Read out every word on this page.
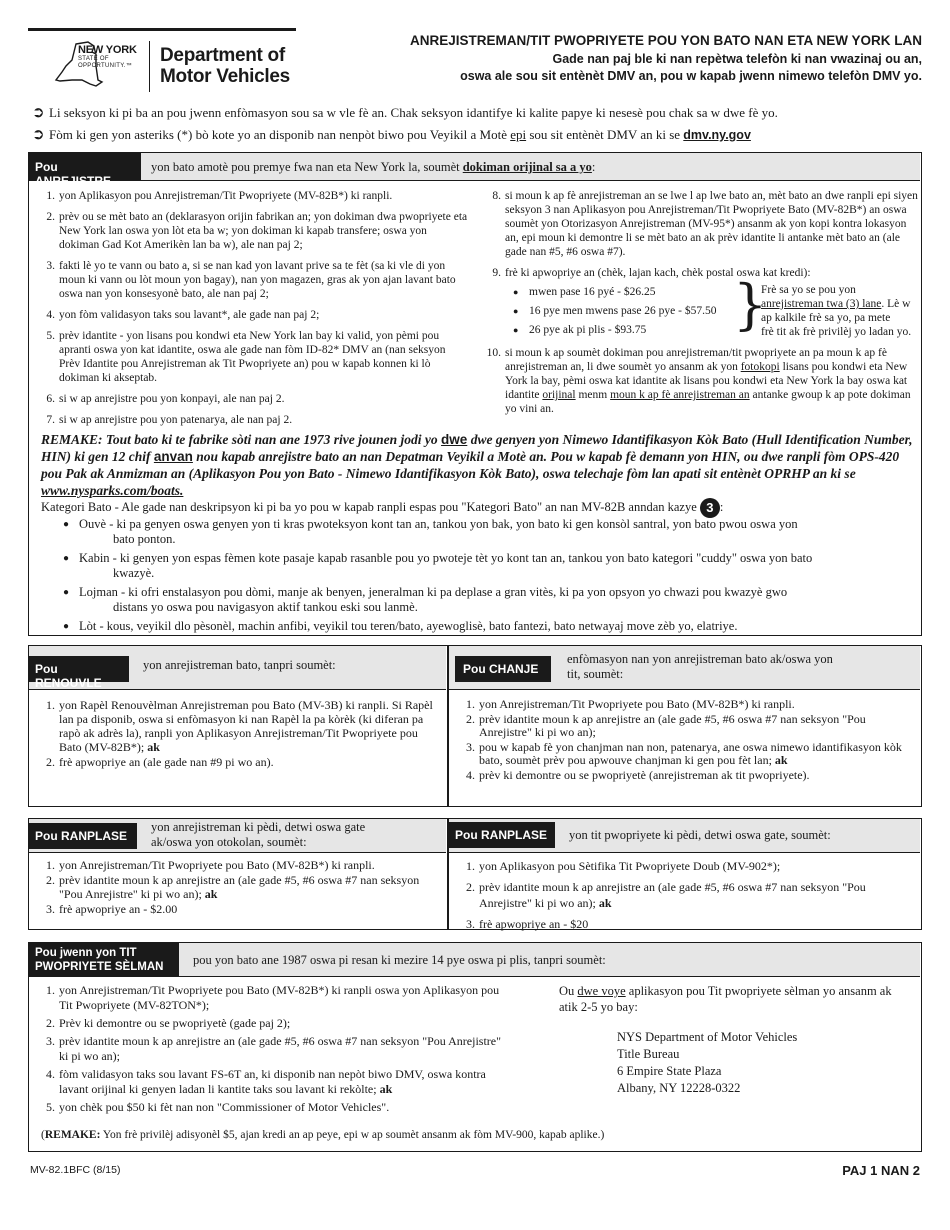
NEW YORK
STATE OF
OPPORTUNITY.™ Department of
Motor Vehicles
ANREJISTREMAN/TIT PWOPRIYETE POU YON BATO NAN ETA NEW YORK LAN
Gade nan paj ble ki nan repètwa telefòn ki nan vwazinaj ou an,
oswa ale sou sit entènèt DMV an, pou w kapab jwenn nimewo telefòn DMV yo.
➲ Li seksyon ki pi ba an pou jwenn enfòmasyon sou sa w vle fè an. Chak seksyon idantifye ki kalite papye ki nesesè pou chak sa w dwe fè yo.
➲ Fòm ki gen yon asteriks (*) bò kote yo an disponib nan nenpòt biwo pou Veyikil a Motè epi sou sit entènèt DMV an ki se dmv.ny.gov
Pou ANREJISTRE
yon bato amotè pou premye fwa nan eta New York la, soumèt dokiman orijinal sa a yo:
1. yon Aplikasyon pou Anrejistreman/Tit Pwopriyete (MV-82B*) ki ranpli.
2. prèv ou se mèt bato an (deklarasyon orijin fabrikan an; yon dokiman dwa pwopriyete eta New York lan oswa yon lòt eta ba w; yon dokiman ki kapab transfere; oswa yon dokiman Gad Kot Amerikèn lan ba w), ale nan paj 2;
3. fakti lè yo te vann ou bato a, si se nan kad yon lavant prive sa te fèt (sa ki vle di yon moun ki vann ou lòt moun yon bagay), nan yon magazen, gras ak yon ajan lavant bato oswa nan yon konsesyonè bato, ale nan paj 2;
4. yon fòm validasyon taks sou lavant*, ale gade nan paj 2;
5. prèv idantite - yon lisans pou kondwi eta New York lan bay ki valid, yon pèmi pou apranti oswa yon kat idantite, oswa ale gade nan fòm ID-82* DMV an (nan seksyon Prèv Idantite pou Anrejistreman ak Tit Pwopriyete an) pou w kapab konnen ki lò dokiman ki akseptab.
6. si w ap anrejistre pou yon konpayi, ale nan paj 2.
7. si w ap anrejistre pou yon patenarya, ale nan paj 2.
8. si moun k ap fè anrejistreman an se lwe l ap lwe bato an, mèt bato an dwe ranpli epi siyen seksyon 3 nan Aplikasyon pou Anrejistreman/Tit Pwopriyete Bato (MV-82B*) an oswa soumèt yon Otorizasyon Anrejistreman (MV-95*) ansanm ak yon kopi kontra lokasyon an, epi moun ki demontre li se mèt bato an ak prèv idantite li antanke mèt bato an (ale gade nan #5, #6 oswa #7).
9. frè ki apwopriye an (chèk, lajan kach, chèk postal oswa kat kredi):
● mwen pase 16 pyé - $26.25
● 16 pye men mwens pase 26 pye - $57.50
● 26 pye ak pi plis - $93.75	}
Frè sa yo se pou yon
anrejistreman twa (3) lane. Lè w
ap kalkile frè sa yo, pa mete
frè tit ak frè privilèj yo ladan yo.
10. si moun k ap soumèt dokiman pou anrejistreman/tit pwopriyete an pa moun k ap fè anrejistreman an, li dwe soumèt yo ansanm ak yon fotokopi lisans pou kondwi eta New York la bay, pèmi oswa kat idantite ak lisans pou kondwi eta New York la bay oswa kat idantite orijinal menm moun k ap fè anrejistreman an antanke gwoup k ap pote dokiman yo vini an.
REMAKE: Tout bato ki te fabrike sòti nan ane 1973 rive jounen jodi yo dwe dwe genyen yon Nimewo Idantifikasyon Kòk Bato (Hull Identification Number, HIN) ki gen 12 chif anvan nou kapab anrejistre bato an nan Depatman Veyikil a Motè an. Pou w kapab fè demann yon HIN, ou dwe ranpli fòm OPS-420 pou Pak ak Anmizman an (Aplikasyon Pou yon Bato - Nimewo Idantifikasyon Kòk Bato), oswa telechaje fòm lan apati sit entènèt OPRHP an ki se www.nysparks.com/boats.
Kategori Bato - Ale gade nan deskripsyon ki pi ba yo pou w kapab ranpli espas pou "Kategori Bato" an nan MV-82B anndan kazye 3 :
● Ouvè - ki pa genyen oswa genyen yon ti kras pwoteksyon kont tan an, tankou yon bak, yon bato ki gen konsòl santral, yon bato pwou oswa yon
bato ponton.
● Kabin - ki genyen yon espas fèmen kote pasaje kapab rasanble pou yo pwoteje tèt yo kont tan an, tankou yon bato kategori "cuddy" oswa yon bato
kwazyè.
● Lojman - ki ofri enstalasyon pou dòmi, manje ak benyen, jeneralman ki pa deplase a gran vitès, ki pa yon opsyon yo chwazi pou kwazyè gwo
distans yo oswa pou navigasyon aktif tankou eski sou lanmè.
● Lòt - kous, veyikil dlo pèsonèl, machin anfibi, veyikil tou teren/bato, ayewoglisè, bato fantezi, bato netwayaj move zèb yo, elatriye.
Pou RENOUVLE
yon anrejistreman bato, tanpri soumèt:
1. yon Rapèl Renouvèlman Anrejistreman pou Bato (MV-3B) ki ranpli. Si Rapèl lan pa disponib, oswa si enfòmasyon ki nan Rapèl la pa kòrèk (ki diferan pa rapò ak adrès la), ranpli yon Aplikasyon Anrejistreman/Tit Pwopriyete pou Bato (MV-82B*); ak
2. frè apwopriye an (ale gade nan #9 pi wo an).
Pou CHANJE
enfòmasyon nan yon anrejistreman bato ak/oswa yon
tit, soumèt:
1. yon Anrejistreman/Tit Pwopriyete pou Bato (MV-82B*) ki ranpli.
2. prèv idantite moun k ap anrejistre an (ale gade #5, #6 oswa #7 nan seksyon "Pou Anrejistre" ki pi wo an);
3. pou w kapab fè yon chanjman nan non, patenarya, ane oswa nimewo idantifikasyon kòk bato, soumèt prèv pou apwouve chanjman ki gen pou fèt lan; ak
4. prèv ki demontre ou se pwopriyetè (anrejistreman ak tit pwopriyete).
Pou RANPLASE
yon anrejistreman ki pèdi, detwi oswa gate
ak/oswa yon otokolan, soumèt:
1. yon Anrejistreman/Tit Pwopriyete pou Bato (MV-82B*) ki ranpli.
2. prèv idantite moun k ap anrejistre an (ale gade #5, #6 oswa #7 nan seksyon "Pou Anrejistre" ki pi wo an); ak
3. frè apwopriye an - $2.00
Pou RANPLASE	yon tit pwopriyete ki pèdi, detwi oswa gate, soumèt:
1. yon Aplikasyon pou Sètifika Tit Pwopriyete Doub (MV-902*);
2. prèv idantite moun k ap anrejistre an (ale gade #5, #6 oswa #7 nan seksyon "Pou Anrejistre" ki pi wo an); ak
3. frè apwopriye an - $20
Pou jwenn yon TIT
PWOPRIYETE SÈLMAN	pou yon bato ane 1987 oswa pi resan ki mezire 14 pye oswa pi plis, tanpri soumèt:
1. yon Anrejistreman/Tit Pwopriyete pou Bato (MV-82B*) ki ranpli oswa yon Aplikasyon pou Tit Pwopriyete (MV-82TON*);
2. Prèv ki demontre ou se pwopriyetè (gade paj 2);
3. prèv idantite moun k ap anrejistre an (ale gade #5, #6 oswa #7 nan seksyon "Pou Anrejistre" ki pi wo an);
4. fòm validasyon taks sou lavant FS-6T an, ki disponib nan nepòt biwo DMV, oswa kontra lavant orijinal ki genyen ladan li kantite taks sou lavant ki rekòlte; ak
5. yon chèk pou $50 ki fèt nan non "Commissioner of Motor Vehicles".
Ou dwe voye aplikasyon pou Tit pwopriyete sèlman yo ansanm ak atik 2-5 yo bay:
NYS Department of Motor Vehicles
Title Bureau
6 Empire State Plaza
Albany, NY 12228-0322
(REMAKE: Yon frè privilèj adisyonèl $5, ajan kredi an ap peye, epi w ap soumèt ansanm ak fòm MV-900, kapab aplike.)
MV-82.1BFC (8/15)	PAJ 1 NAN 2
